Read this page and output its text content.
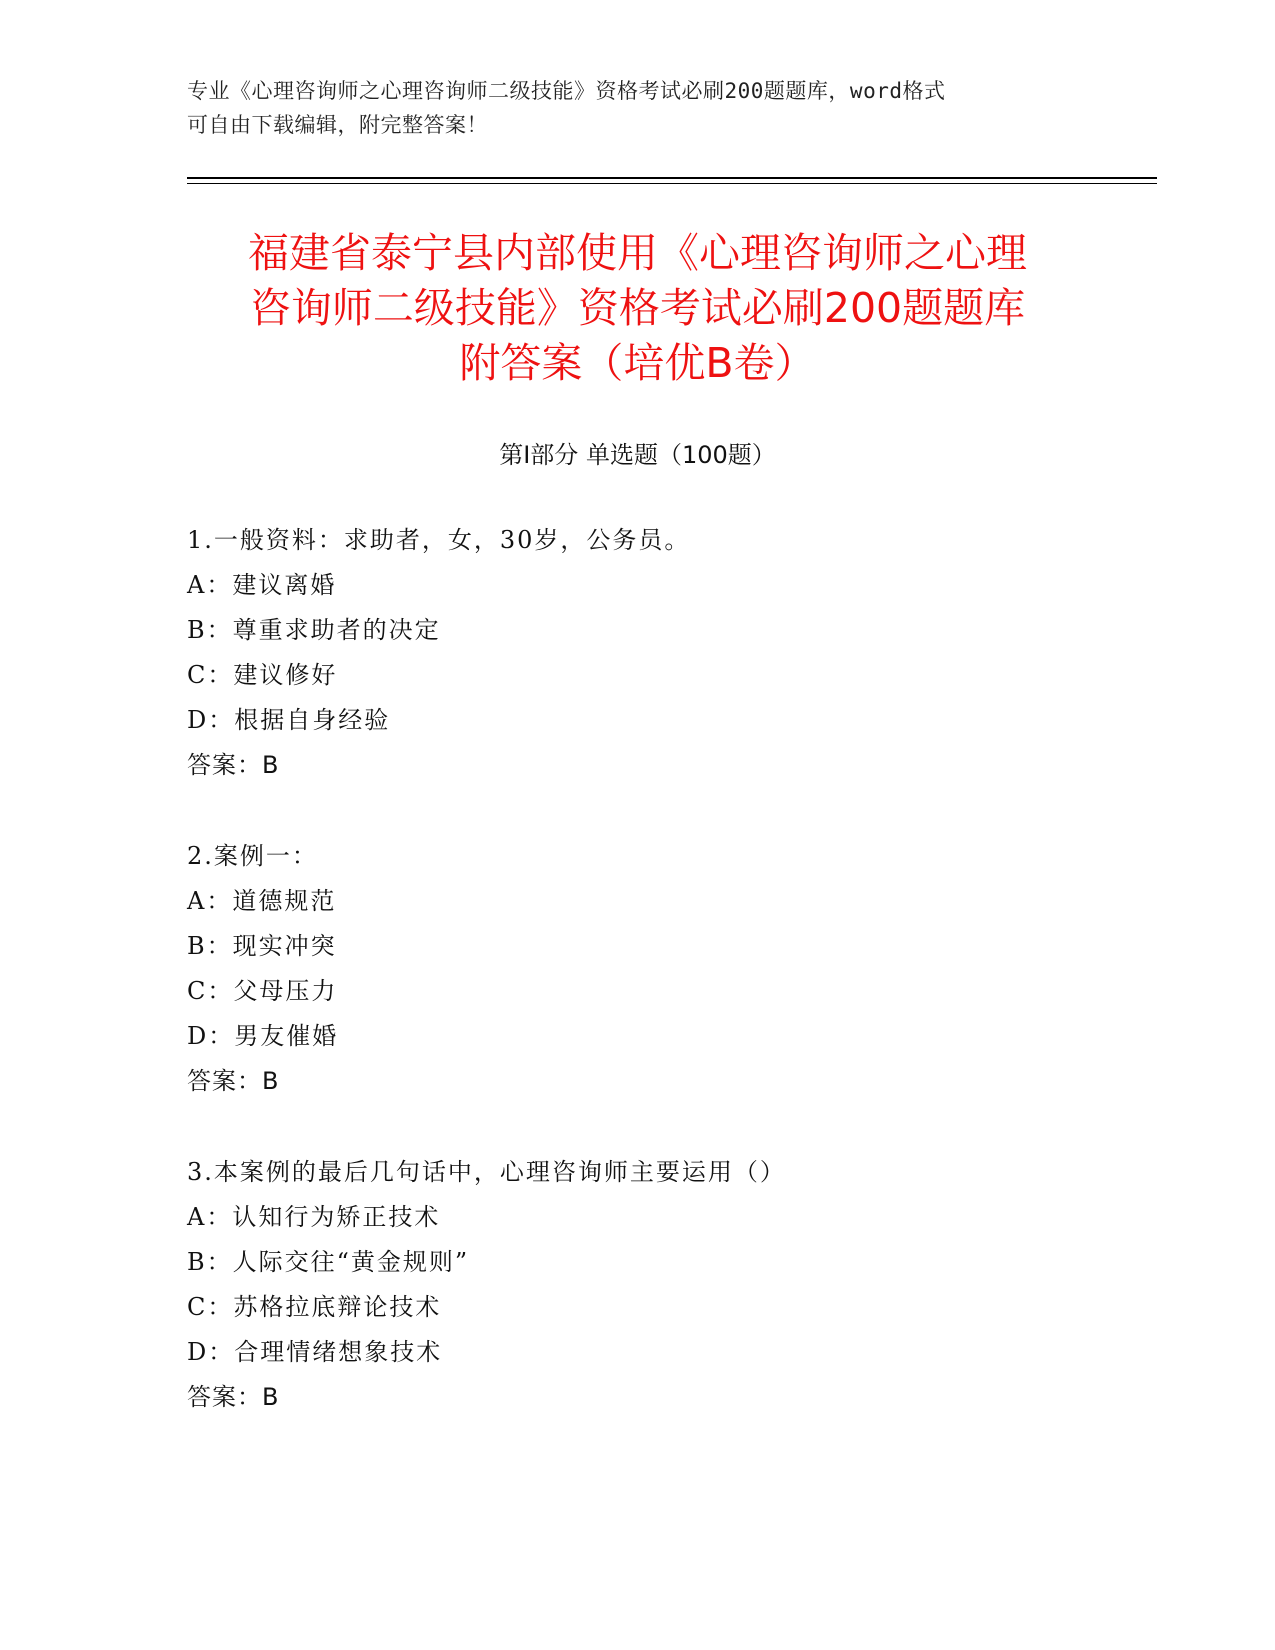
专业《心理咨询师之心理咨询师二级技能》资格考试必刷200题题库，word格式
可自由下载编辑，附完整答案！
福建省泰宁县内部使用《心理咨询师之心理
咨询师二级技能》资格考试必刷200题题库
附答案（培优B卷）
第Ⅰ部分 单选题（100题）
1.一般资料：求助者，女，30岁，公务员。
A：建议离婚
B：尊重求助者的决定
C：建议修好
D：根据自身经验
答案：B
2.案例一：
A：道德规范
B：现实冲突
C：父母压力
D：男友催婚
答案：B
3.本案例的最后几句话中，心理咨询师主要运用（）
A：认知行为矫正技术
B：人际交往“黄金规则”
C：苏格拉底辩论技术
D：合理情绪想象技术
答案：B
